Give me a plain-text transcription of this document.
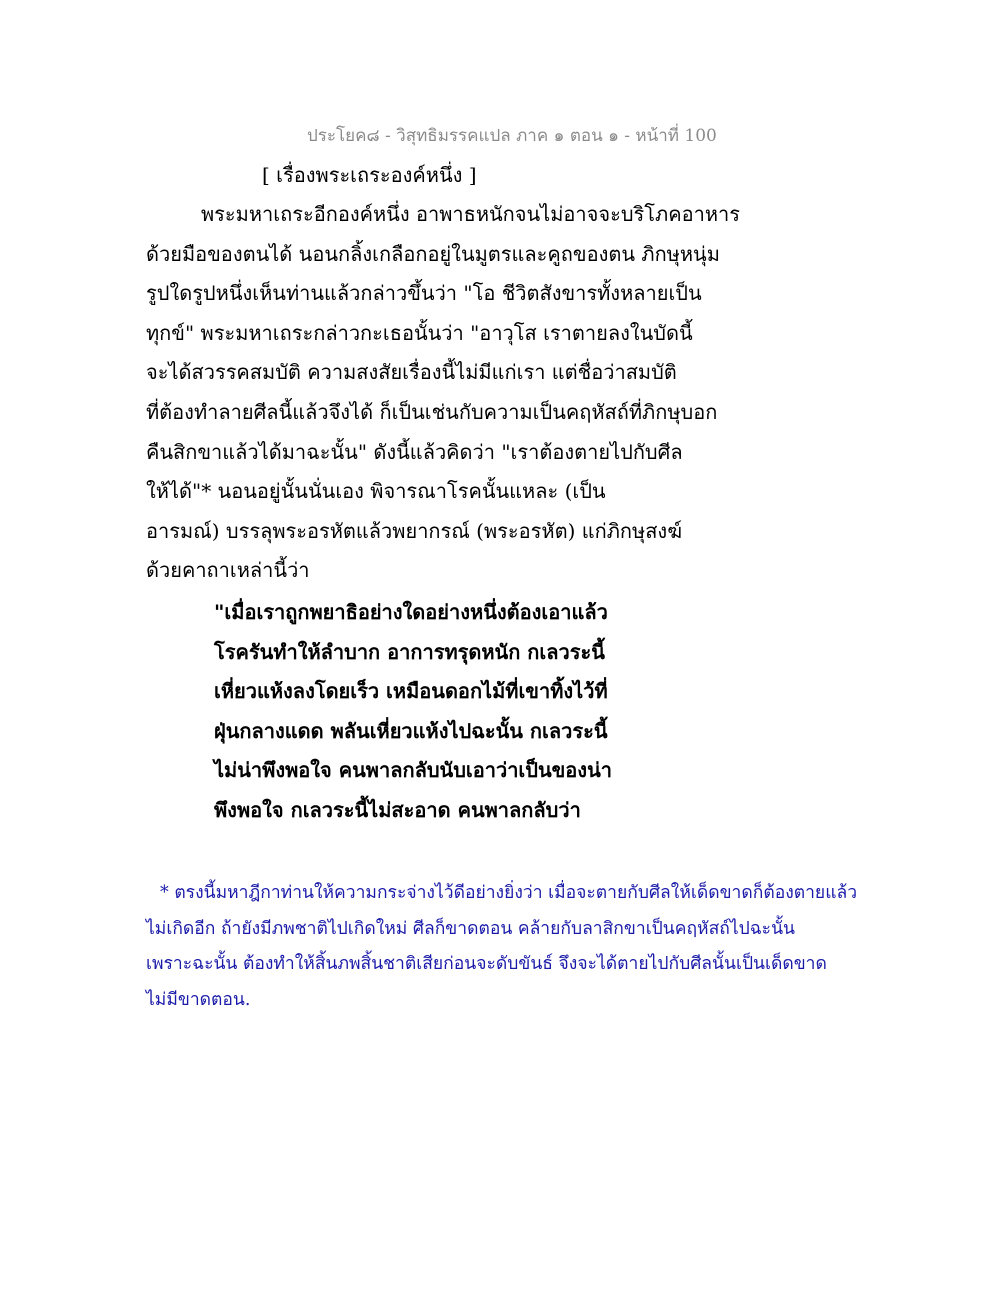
ประโยค๘ - วิสุทธิมรรคแปล ภาค ๑ ตอน ๑ - หน้าที่ 100
[ เรื่องพระเถระองค์หนึ่ง ]
พระมหาเถระอีกองค์หนึ่ง อาพาธหนักจนไม่อาจจะบริโภคอาหาร
ด้วยมือของตนได้ นอนกลิ้งเกลือกอยู่ในมูตรและคูถของตน ภิกษุหนุ่ม
รูปใดรูปหนึ่งเห็นท่านแล้วกล่าวขึ้นว่า "โอ ชีวิตสังขารทั้งหลายเป็น
ทุกข์" พระมหาเถระกล่าวกะเธอนั้นว่า "อาวุโส เราตายลงในบัดนี้
จะได้สวรรคสมบัติ ความสงสัยเรื่องนี้ไม่มีแก่เรา แต่ชื่อว่าสมบัติ
ที่ต้องทำลายศีลนี้แล้วจึงได้ ก็เป็นเช่นกับความเป็นคฤหัสถ์ที่ภิกษุบอก
คืนสิกขาแล้วได้มาฉะนั้น" ดังนี้แล้วคิดว่า "เราต้องตายไปกับศีล
ให้ได้"* นอนอยู่นั้นนั่นเอง พิจารณาโรคนั้นแหละ (เป็น
อารมณ์) บรรลุพระอรหัตแล้วพยากรณ์ (พระอรหัต) แก่ภิกษุสงฆ์
ด้วยคาถาเหล่านี้ว่า
"เมื่อเราถูกพยาธิอย่างใดอย่างหนึ่งต้องเอาแล้ว
โรครันทำให้ลำบาก อาการทรุดหนัก กเลวระนี้
เหี่ยวแห้งลงโดยเร็ว เหมือนดอกไม้ที่เขาทิ้งไว้ที่
ฝุ่นกลางแดด พลันเหี่ยวแห้งไปฉะนั้น กเลวระนี้
ไม่น่าพึงพอใจ คนพาลกลับนับเอาว่าเป็นของน่า
พึงพอใจ กเลวระนี้ไม่สะอาด คนพาลกลับว่า
* ตรงนี้มหาฎีกาท่านให้ความกระจ่างไว้ดีอย่างยิ่งว่า เมื่อจะตายกับศีลให้เด็ดขาดก็ต้องตายแล้ว
ไม่เกิดอีก ถ้ายังมีภพชาติไปเกิดใหม่ ศีลก็ขาดตอน คล้ายกับลาสิกขาเป็นคฤหัสถ์ไปฉะนั้น
เพราะฉะนั้น ต้องทำให้สิ้นภพสิ้นชาติเสียก่อนจะดับขันธ์ จึงจะได้ตายไปกับศีลนั้นเป็นเด็ดขาด
ไม่มีขาดตอน.
